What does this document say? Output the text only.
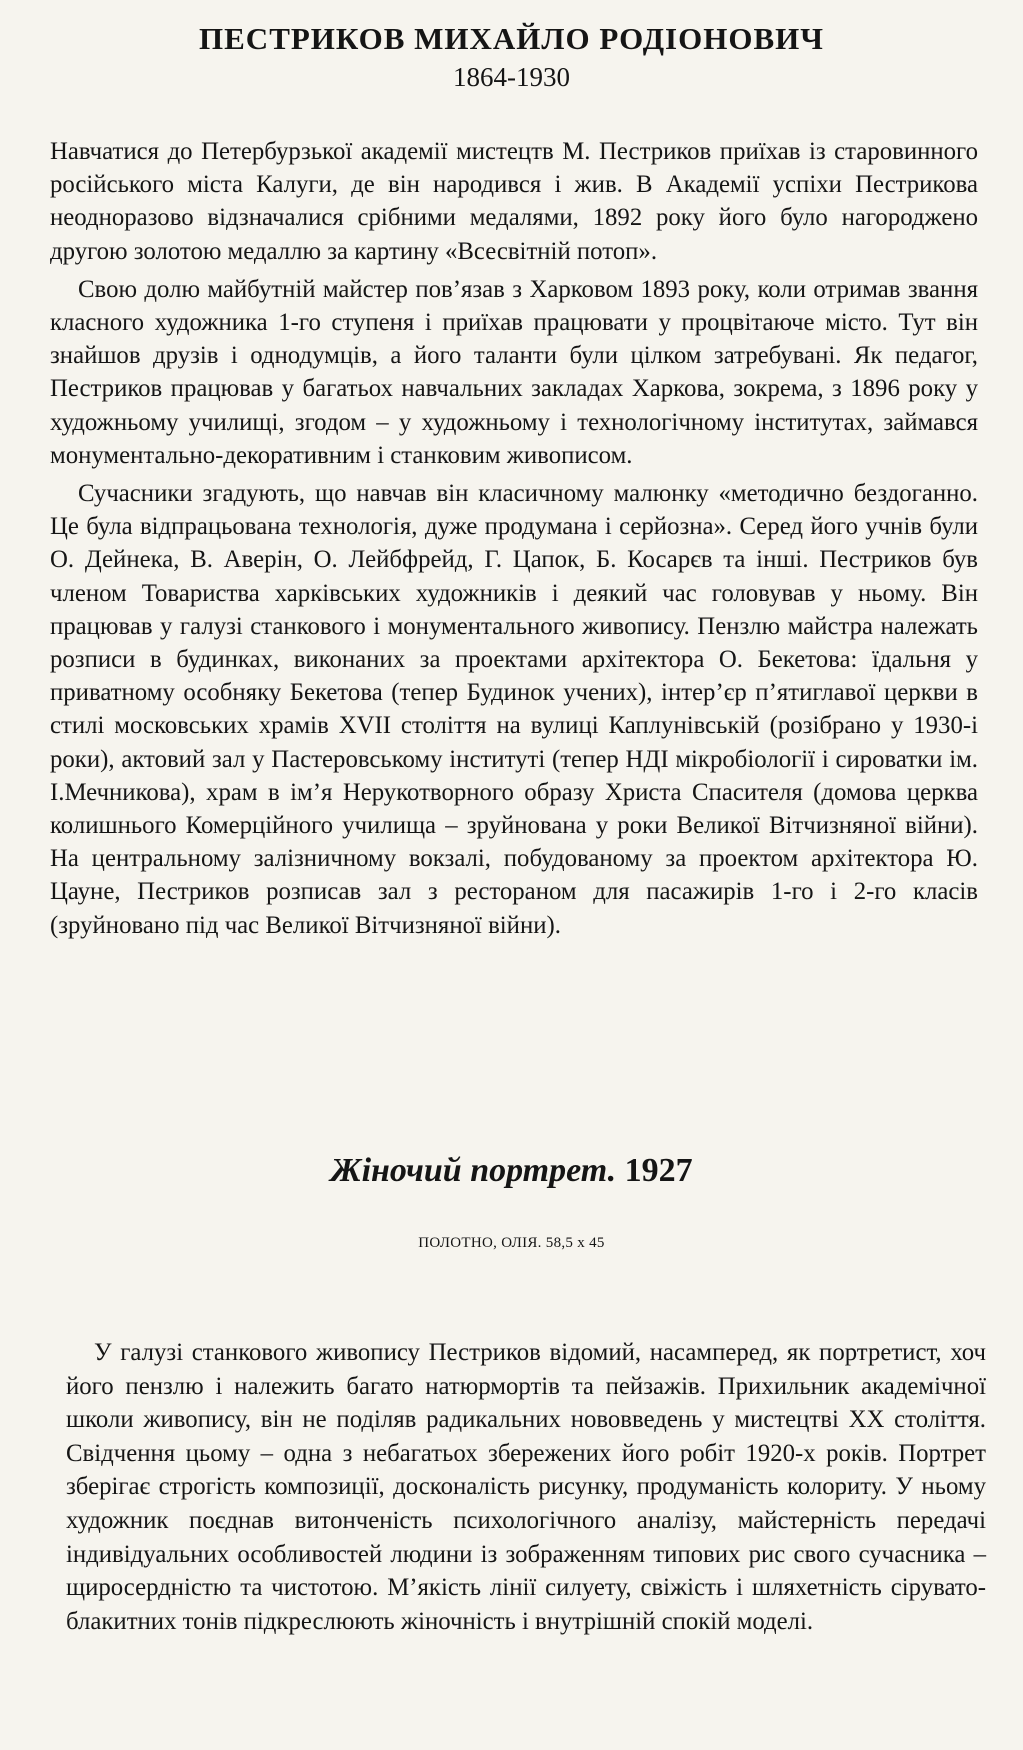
ПЕСТРИКОВ МИХАЙЛО РОДІОНОВИЧ
1864-1930

Навчатися до Петербурзької академії мистецтв М. Пестриков приїхав із старовинного російського міста Калуги, де він народився і жив. В Академії успіхи Пестрикова неодноразово відзначалися срібними медалями, 1892 року його було нагороджено другою золотою медаллю за картину «Всесвітній потоп».

Свою долю майбутній майстер пов’язав з Харковом 1893 року, коли отримав звання класного художника 1-го ступеня і приїхав працювати у процвітаюче місто. Тут він знайшов друзів і однодумців, а його таланти були цілком затребувані. Як педагог, Пестриков працював у багатьох навчальних закладах Харкова, зокрема, з 1896 року у художньому училищі, згодом – у художньому і технологічному інститутах, займався монументально-декоративним і станковим живописом.

Сучасники згадують, що навчав він класичному малюнку «методично бездоганно. Це була відпрацьована технологія, дуже продумана і серйозна». Серед його учнів були О. Дейнека, В. Аверін, О. Лейбфрейд, Г. Цапок, Б. Косарєв та інші. Пестриков був членом Товариства харківських художників і деякий час головував у ньому. Він працював у галузі станкового і монументального живопису. Пензлю майстра належать розписи в будинках, виконаних за проектами архітектора О. Бекетова: їдальня у приватному особняку Бекетова (тепер Будинок учених), інтер’єр п’ятиглавої церкви в стилі московських храмів XVII століття на вулиці Каплунівській (розібрано у 1930-і роки), актовий зал у Пастеровському інституті (тепер НДІ мікробіології і сироватки ім. І.Мечникова), храм в ім’я Нерукотворного образу Христа Спасителя (домова церква колишнього Комерційного училища – зруйнована у роки Великої Вітчизняної війни). На центральному залізничному вокзалі, побудованому за проектом архітектора Ю. Цауне, Пестриков розписав зал з рестораном для пасажирів 1-го і 2-го класів (зруйновано під час Великої Вітчизняної війни).

Жіночий портрет. 1927
ПОЛОТНО, ОЛІЯ. 58,5 x 45

У галузі станкового живопису Пестриков відомий, насамперед, як портретист, хоч його пензлю і належить багато натюрмортів та пейзажів. Прихильник академічної школи живопису, він не поділяв радикальних нововведень у мистецтві XX століття. Свідчення цьому – одна з небагатьох збережених його робіт 1920-х років. Портрет зберігає строгість композиції, досконалість рисунку, продуманість колориту. У ньому художник поєднав витонченість психологічного аналізу, майстерність передачі індивідуальних особливостей людини із зображенням типових рис свого сучасника – щиросердністю та чистотою. М’якість лінії силуету, свіжість і шляхетність сірувато-блакитних тонів підкреслюють жіночність і внутрішній спокій моделі.
